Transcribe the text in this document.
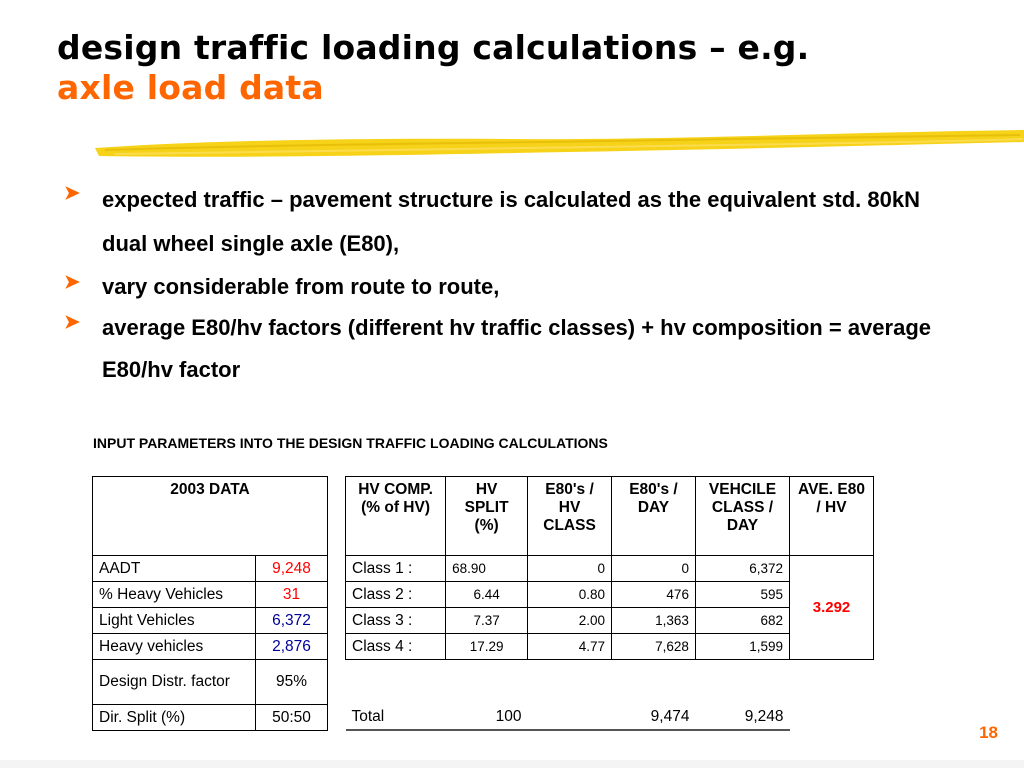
design traffic loading calculations – e.g.
axle load data
➤ expected traffic – pavement structure is calculated as the equivalent std. 80kN dual wheel single axle (E80),
➤ vary considerable from route to route,
➤ average E80/hv factors (different hv traffic classes) + hv composition = average E80/hv factor
INPUT PARAMETERS INTO THE DESIGN TRAFFIC LOADING CALCULATIONS
2003 DATA	
AADT	9,248
% Heavy Vehicles	31
Light Vehicles	6,372
Heavy vehicles	2,876
Design Distr. factor	95%
Dir. Split (%)	50:50
HV COMP. (% of HV)	HV SPLIT (%)	E80's / HV CLASS	E80's / DAY	VEHCILE CLASS / DAY	AVE. E80 / HV
Class 1 :	68.90	0	0	6,372	3.292
Class 2 :	6.44	0.80	476	595	
Class 3 :	7.37	2.00	1,363	682	
Class 4 :	17.29	4.77	7,628	1,599	

Total	100		9,474	9,248	
18
